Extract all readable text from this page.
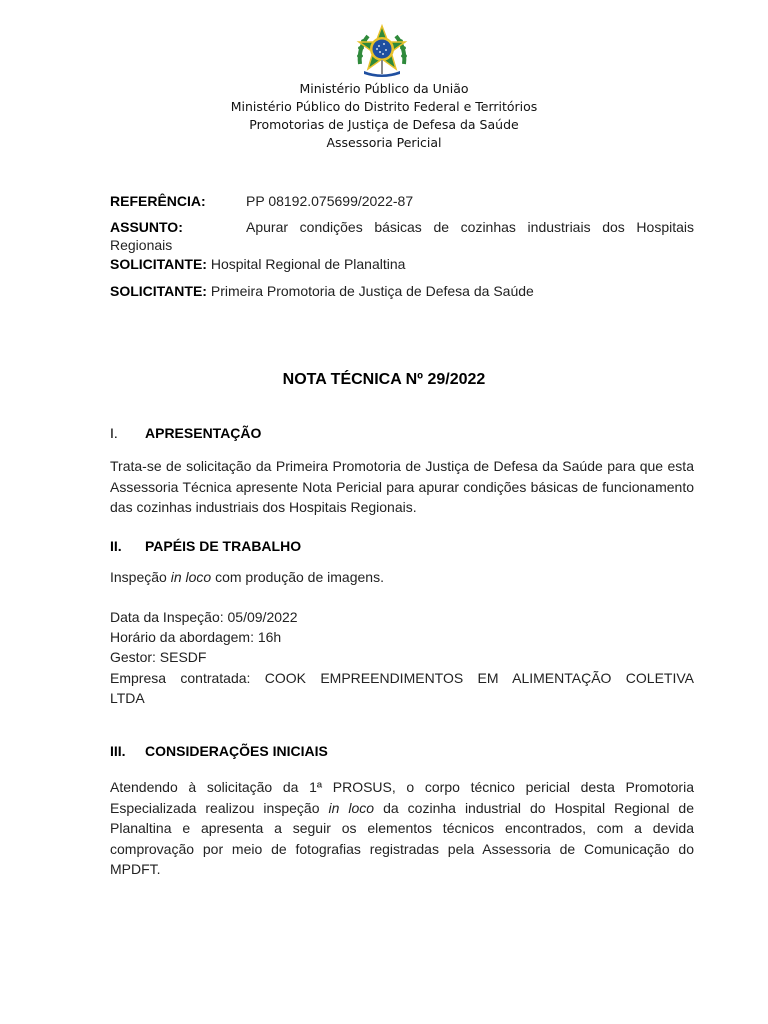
Ministério Público da União
Ministério Público do Distrito Federal e Territórios
Promotorias de Justiça de Defesa da Saúde
Assessoria Pericial
REFERÊNCIA:	PP 08192.075699/2022-87
ASSUNTO:	Apurar condições básicas de cozinhas industriais dos Hospitais
Regionais
SOLICITANTE: Hospital Regional de Planaltina
SOLICITANTE: Primeira Promotoria de Justiça de Defesa da Saúde
NOTA TÉCNICA Nº 29/2022
I. APRESENTAÇÃO
Trata-se de solicitação da Primeira Promotoria de Justiça de Defesa da Saúde para que esta Assessoria Técnica apresente Nota Pericial para apurar condições básicas de funcionamento das cozinhas industriais dos Hospitais Regionais.
II. PAPÉIS DE TRABALHO
Inspeção in loco com produção de imagens.
Data da Inspeção: 05/09/2022
Horário da abordagem: 16h
Gestor: SESDF
Empresa contratada: COOK EMPREENDIMENTOS EM ALIMENTAÇÃO COLETIVA
LTDA
III. CONSIDERAÇÕES INICIAIS
Atendendo à solicitação da 1ª PROSUS, o corpo técnico pericial desta Promotoria Especializada realizou inspeção in loco da cozinha industrial do Hospital Regional de Planaltina e apresenta a seguir os elementos técnicos encontrados, com a devida comprovação por meio de fotografias registradas pela Assessoria de Comunicação do MPDFT.
